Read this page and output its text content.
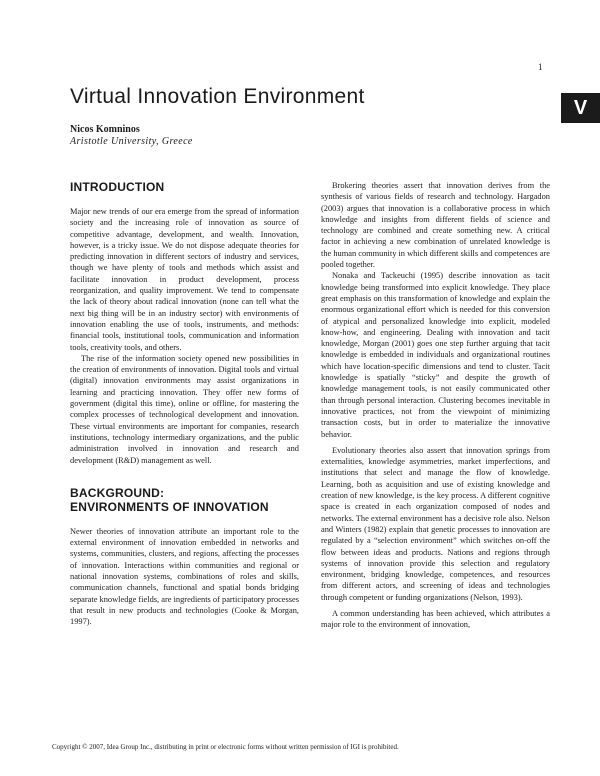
1
V
Virtual Innovation Environment
Nicos Komninos
Aristotle University, Greece
INTRODUCTION

Major new trends of our era emerge from the spread of information society and the increasing role of innovation as source of competitive advantage, development, and wealth. Innovation, however, is a tricky issue. We do not dispose adequate theories for predicting innovation in different sectors of industry and services, though we have plenty of tools and methods which assist and facilitate innovation in product development, process reorganization, and quality improvement. We tend to compensate the lack of theory about radical innovation (none can tell what the next big thing will be in an industry sector) with environments of innovation enabling the use of tools, instruments, and methods: financial tools, institutional tools, communication and information tools, creativity tools, and others.

The rise of the information society opened new possibilities in the creation of environments of innovation. Digital tools and virtual (digital) innovation environments may assist organizations in learning and practicing innovation. They offer new forms of government (digital this time), online or offline, for mastering the complex processes of technological development and innovation. These virtual environments are important for companies, research institutions, technology intermediary organizations, and the public administration involved in innovation and research and development (R&D) management as well.

BACKGROUND:
ENVIRONMENTS OF INNOVATION

Newer theories of innovation attribute an important role to the external environment of innovation embedded in networks and systems, communities, clusters, and regions, affecting the processes of innovation. Interactions within communities and regional or national innovation systems, combinations of roles and skills, communication channels, functional and spatial bonds bridging separate knowledge fields, are ingredients of participatory processes that result in new products and technologies (Cooke & Morgan, 1997).

Brokering theories assert that innovation derives from the synthesis of various fields of research and technology. Hargadon (2003) argues that innovation is a collaborative process in which knowledge and insights from different fields of science and technology are combined and create something new. A critical factor in achieving a new combination of unrelated knowledge is the human community in which different skills and competences are pooled together.

Nonaka and Tackeuchi (1995) describe innovation as tacit knowledge being transformed into explicit knowledge. They place great emphasis on this transformation of knowledge and explain the enormous organizational effort which is needed for this conversion of atypical and personalized knowledge into explicit, modeled know-how, and engineering. Dealing with innovation and tacit knowledge, Morgan (2001) goes one step further arguing that tacit knowledge is embedded in individuals and organizational routines which have location-specific dimensions and tend to cluster. Tacit knowledge is spatially “sticky” and despite the growth of knowledge management tools, is not easily communicated other than through personal interaction. Clustering becomes inevitable in innovative practices, not from the viewpoint of minimizing transaction costs, but in order to materialize the innovative behavior.

Evolutionary theories also assert that innovation springs from externalities, knowledge asymmetries, market imperfections, and institutions that select and manage the flow of knowledge. Learning, both as acquisition and use of existing knowledge and creation of new knowledge, is the key process. A different cognitive space is created in each organization composed of nodes and networks. The external environment has a decisive role also. Nelson and Winters (1982) explain that genetic processes to innovation are regulated by a “selection environment” which switches on-off the flow between ideas and products. Nations and regions through systems of innovation provide this selection and regulatory environment, bridging knowledge, competences, and resources from different actors, and screening of ideas and technologies through competent or funding organizations (Nelson, 1993).

A common understanding has been achieved, which attributes a major role to the environment of innovation,

Copyright © 2007, Idea Group Inc., distributing in print or electronic forms without written permission of IGI is prohibited.
